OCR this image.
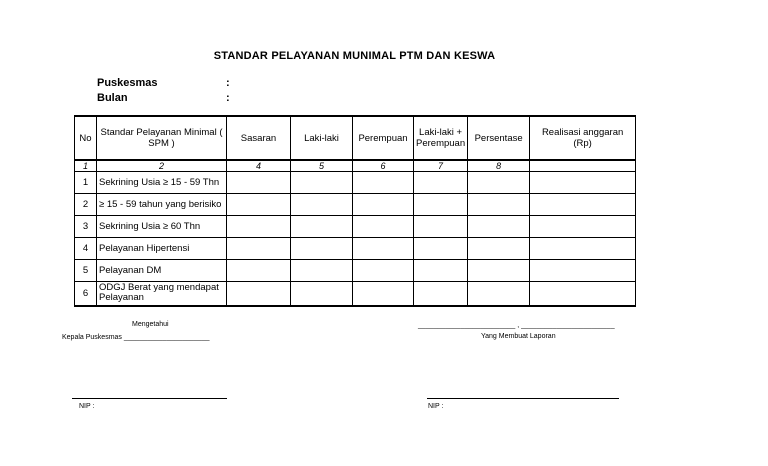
STANDAR PELAYANAN MUNIMAL PTM DAN KESWA
Puskesmas	:
Bulan	:
No	Standar Pelayanan Minimal ( SPM )	Sasaran	Laki-laki	Perempuan	Laki-laki + Perempuan	Persentase	Realisasi anggaran (Rp)
1	2	4	5	6	7	8	
1	Sekrining Usia ≥ 15 - 59 Thn						
2	≥ 15 - 59 tahun yang berisiko						
3	Sekrining Usia ≥ 60 Thn						
4	Pelayanan Hipertensi						
5	Pelayanan DM						
6	ODGJ Berat yang mendapat Pelayanan						
Mengetahui
Kepala Puskesmas ______________________
_________________________ , ________________________
Yang Membuat Laporan
NIP :	NIP :
